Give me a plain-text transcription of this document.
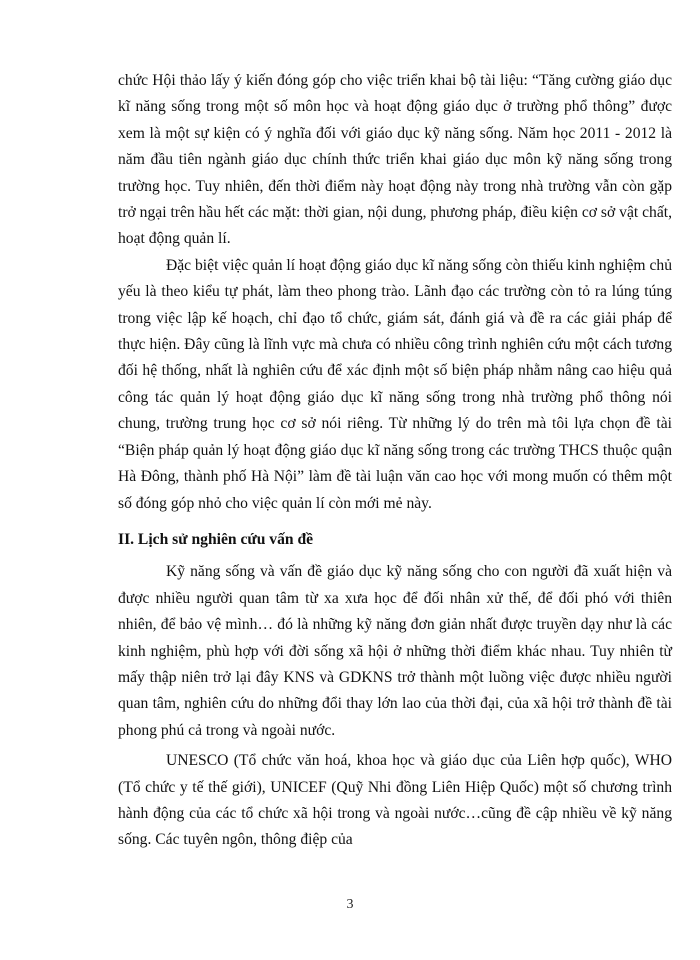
chức Hội thảo lấy ý kiến đóng góp cho việc triển khai bộ tài liệu: “Tăng cường giáo dục kĩ năng sống trong một số môn học và hoạt động giáo dục ở trường phổ thông” được xem là một sự kiện có ý nghĩa đối với giáo dục kỹ năng sống. Năm học 2011 - 2012 là năm đầu tiên ngành giáo dục chính thức triển khai giáo dục môn kỹ năng sống trong trường học. Tuy nhiên, đến thời điểm này hoạt động này trong nhà trường vẫn còn gặp trở ngại trên hầu hết các mặt: thời gian, nội dung, phương pháp, điều kiện cơ sở vật chất, hoạt động quản lí.

Đặc biệt việc quản lí hoạt động giáo dục kĩ năng sống còn thiếu kinh nghiệm chủ yếu là theo kiểu tự phát, làm theo phong trào. Lãnh đạo các trường còn tỏ ra lúng túng trong việc lập kế hoạch, chỉ đạo tổ chức, giám sát, đánh giá và đề ra các giải pháp để thực hiện. Đây cũng là lĩnh vực mà chưa có nhiều công trình nghiên cứu một cách tương đối hệ thống, nhất là nghiên cứu để xác định một số biện pháp nhằm nâng cao hiệu quả công tác quản lý hoạt động giáo dục kĩ năng sống trong nhà trường phổ thông nói chung, trường trung học cơ sở nói riêng. Từ những lý do trên mà tôi lựa chọn đề tài “Biện pháp quản lý hoạt động giáo dục kĩ năng sống trong các trường THCS thuộc quận Hà Đông, thành phố Hà Nội” làm đề tài luận văn cao học với mong muốn có thêm một số đóng góp nhỏ cho việc quản lí còn mới mẻ này.

II. Lịch sử nghiên cứu vấn đề

Kỹ năng sống và vấn đề giáo dục kỹ năng sống cho con người đã xuất hiện và được nhiều người quan tâm từ xa xưa học để đối nhân xử thế, để đối phó với thiên nhiên, để bảo vệ mình… đó là những kỹ năng đơn giản nhất được truyền dạy như là các kinh nghiệm, phù hợp với đời sống xã hội ở những thời điểm khác nhau. Tuy nhiên từ mấy thập niên trở lại đây KNS và GDKNS trở thành một luồng việc được nhiều người quan tâm, nghiên cứu do những đổi thay lớn lao của thời đại, của xã hội trở thành đề tài phong phú cả trong và ngoài nước.

UNESCO (Tổ chức văn hoá, khoa học và giáo dục của Liên hợp quốc), WHO (Tổ chức y tế thế giới), UNICEF (Quỹ Nhi đồng Liên Hiệp Quốc) một số chương trình hành động của các tổ chức xã hội trong và ngoài nước…cũng đề cập nhiều về kỹ năng sống. Các tuyên ngôn, thông điệp của

3
